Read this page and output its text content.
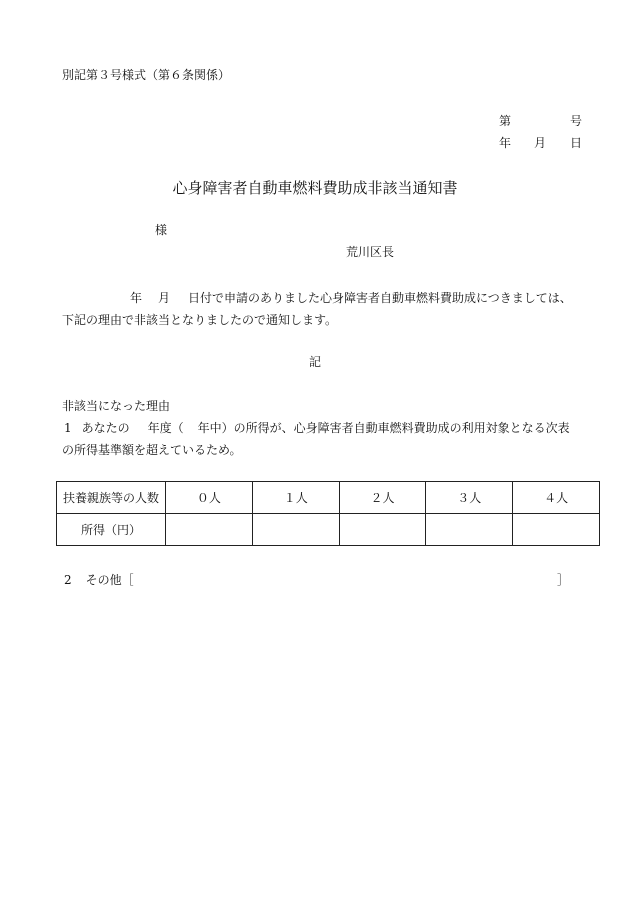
別記第３号様式（第６条関係）
第	号
年 月 日
心身障害者自動車燃料費助成非該当通知書
様
荒川区長
年 月 日付で申請のありました心身障害者自動車燃料費助成につきましては、
下記の理由で非該当となりましたので通知します。
記
非該当になった理由
1 あなたの 年度（ 年中）の所得が、心身障害者自動車燃料費助成の利用対象となる次表
の所得基準額を超えているため。
扶養親族等の人数	０人	１人	２人	３人	４人
所得（円）					
2 その他［	］
